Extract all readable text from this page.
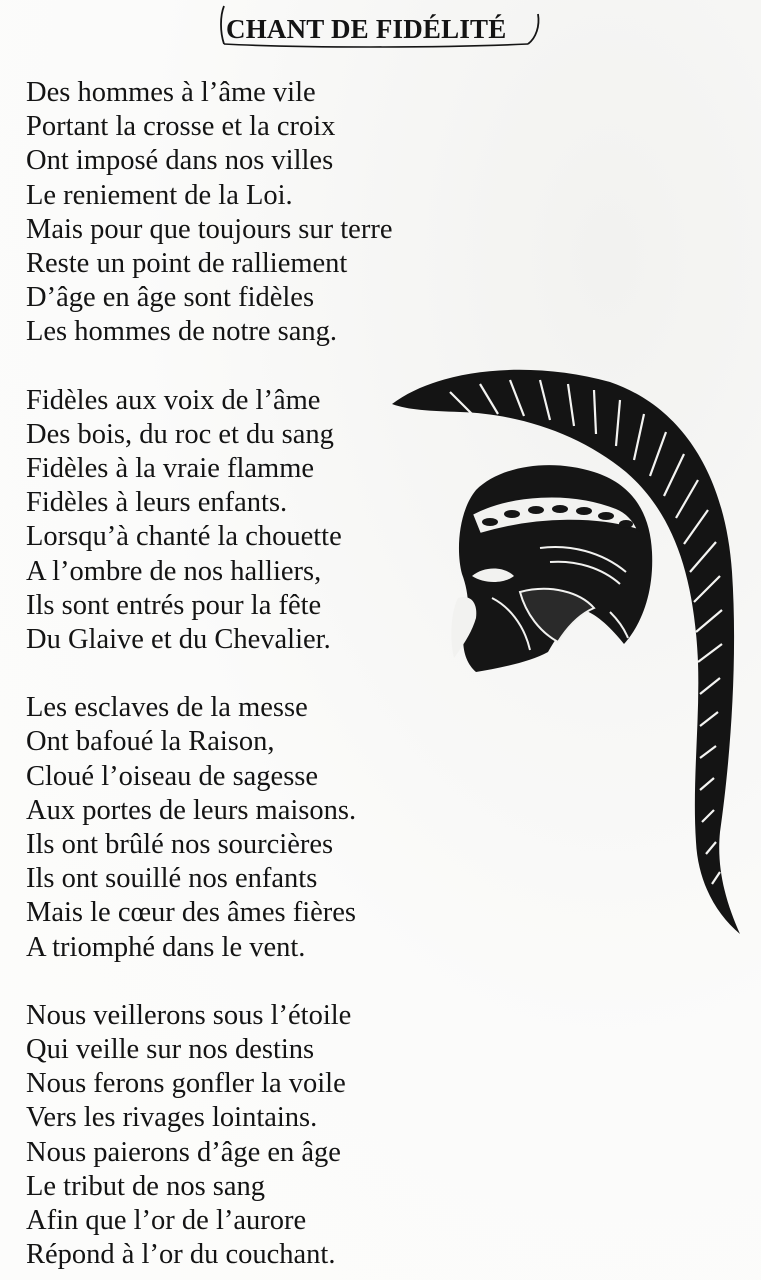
CHANT DE FIDÉLITÉ
Des hommes à l’âme vile
Portant la crosse et la croix
Ont imposé dans nos villes
Le reniement de la Loi.
Mais pour que toujours sur terre
Reste un point de ralliement
D’âge en âge sont fidèles
Les hommes de notre sang.
Fidèles aux voix de l’âme
Des bois, du roc et du sang
Fidèles à la vraie flamme
Fidèles à leurs enfants.
Lorsqu’à chanté la chouette
A l’ombre de nos halliers,
Ils sont entrés pour la fête
Du Glaive et du Chevalier.
Les esclaves de la messe
Ont bafoué la Raison,
Cloué l’oiseau de sagesse
Aux portes de leurs maisons.
Ils ont brûlé nos sourcières
Ils ont souillé nos enfants
Mais le cœur des âmes fières
A triomphé dans le vent.
Nous veillerons sous l’étoile
Qui veille sur nos destins
Nous ferons gonfler la voile
Vers les rivages lointains.
Nous paierons d’âge en âge
Le tribut de nos sang
Afin que l’or de l’aurore
Répond à l’or du couchant.
